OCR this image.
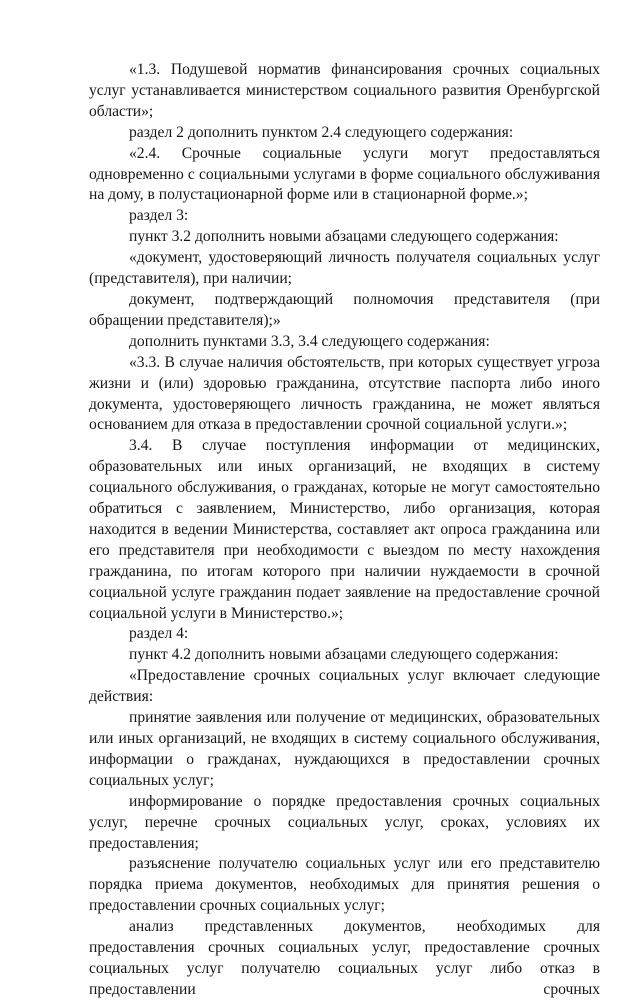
«1.3. Подушевой норматив финансирования срочных социальных услуг устанавливается министерством социального развития Оренбургской области»;

раздел 2 дополнить пунктом 2.4 следующего содержания:

«2.4. Срочные социальные услуги могут предоставляться одновременно с социальными услугами в форме социального обслуживания на дому, в полустационарной форме или в стационарной форме.»;

раздел 3:

пункт 3.2 дополнить новыми абзацами следующего содержания:

«документ, удостоверяющий личность получателя социальных услуг (представителя), при наличии;

документ, подтверждающий полномочия представителя (при обращении представителя);»

дополнить пунктами 3.3, 3.4 следующего содержания:

«3.3. В случае наличия обстоятельств, при которых существует угроза жизни и (или) здоровью гражданина, отсутствие паспорта либо иного документа, удостоверяющего личность гражданина, не может являться основанием для отказа в предоставлении срочной социальной услуги.»;

3.4. В случае поступления информации от медицинских, образовательных или иных организаций, не входящих в систему социального обслуживания, о гражданах, которые не могут самостоятельно обратиться с заявлением, Министерство, либо организация, которая находится в ведении Министерства, составляет акт опроса гражданина или его представителя при необходимости с выездом по месту нахождения гражданина, по итогам которого при наличии нуждаемости в срочной социальной услуге гражданин подает заявление на предоставление срочной социальной услуги в Министерство.»;

раздел 4:

пункт 4.2 дополнить новыми абзацами следующего содержания:

«Предоставление срочных социальных услуг включает следующие действия:

принятие заявления или получение от медицинских, образовательных или иных организаций, не входящих в систему социального обслуживания, информации о гражданах, нуждающихся в предоставлении срочных социальных услуг;

информирование о порядке предоставления срочных социальных услуг, перечне срочных социальных услуг, сроках, условиях их предоставления;

разъяснение получателю социальных услуг или его представителю порядка приема документов, необходимых для принятия решения о предоставлении срочных социальных услуг;

анализ представленных документов, необходимых для предоставления срочных социальных услуг, предоставление срочных социальных услуг получателю социальных услуг либо отказ в предоставлении срочных
